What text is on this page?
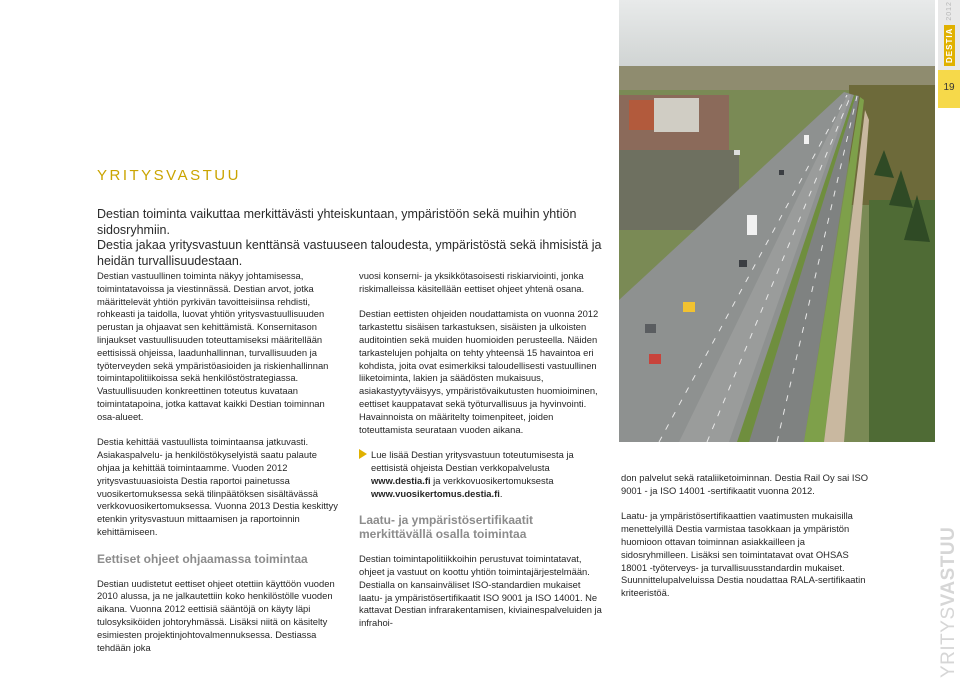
DESTIA
2012
19
YRITYSVASTUU
YRITYSVASTUU

Destian toiminta vaikuttaa merkittävästi yhteiskuntaan, ympäristöön sekä muihin yhtiön sidosryhmiin.

Destia jakaa yritysvastuun kenttänsä vastuuseen taloudesta, ympäristöstä sekä ihmisistä ja heidän turvallisuudestaan.

Destian vastuullinen toiminta näkyy johtamisessa, toimintatavoissa ja viestinnässä. Destian arvot, jotka määrittelevät yhtiön pyrkivän tavoitteisiinsa rehdisti, rohkeasti ja taidolla, luovat yhtiön yritysvastuullisuuden perustan ja ohjaavat sen kehittämistä. Konsernitason linjaukset vastuullisuuden toteuttamiseksi määritellään eettisissä ohjeissa, laadunhallinnan, turvallisuuden ja työterveyden sekä ympäristöasioiden ja riskienhallinnan toimintapolitiikoissa sekä henkilöstöstrategiassa. Vastuullisuuden konkreettinen toteutus kuvataan toimintatapoina, jotka kattavat kaikki Destian toiminnan osa-alueet.

Destia kehittää vastuullista toimintaansa jatkuvasti. Asiakaspalvelu- ja henkilöstökyselyistä saatu palaute ohjaa ja kehittää toimintaamme. Vuoden 2012 yritysvastuuasioista Destia raportoi painetussa vuosikertomuksessa sekä tilinpäätöksen sisältävässä verkkovuosikertomuksessa. Vuonna 2013 Destia keskittyy etenkin yritysvastuun mittaamisen ja raportoinnin kehittämiseen.

Eettiset ohjeet ohjaamassa toimintaa

Destian uudistetut eettiset ohjeet otettiin käyttöön vuoden 2010 alussa, ja ne jalkautettiin koko henkilöstölle vuoden aikana. Vuonna 2012 eettisiä sääntöjä on käyty läpi tulosyksiköiden johtoryhmässä. Lisäksi niitä on käsitelty esimiesten projektinjohtovalmennuksessa. Destiassa tehdään joka

vuosi konserni- ja yksikkötasoisesti riskiarviointi, jonka riskimalleissa käsitellään eettiset ohjeet yhtenä osana.

Destian eettisten ohjeiden noudattamista on vuonna 2012 tarkastettu sisäisen tarkastuksen, sisäisten ja ulkoisten auditointien sekä muiden huomioiden perusteella. Näiden tarkastelujen pohjalta on tehty yhteensä 15 havaintoa eri kohdista, joita ovat esimerkiksi taloudellisesti vastuullinen liiketoiminta, lakien ja säädösten mukaisuus, asiakastyytyväisyys, ympäristövaikutusten huomioiminen, eettiset kauppatavat sekä työturvallisuus ja hyvinvointi. Havainnoista on määritelty toimenpiteet, joiden toteuttamista seurataan vuoden aikana.

Lue lisää Destian yritysvastuun toteutumisesta ja eettisistä ohjeista Destian verkkopalvelusta
www.destia.fi ja verkkovuosikertomuksesta
www.vuosikertomus.destia.fi.

Laatu- ja ympäristösertifikaatit merkittävällä osalla toimintaa

Destian toimintapolitiikkoihin perustuvat toimintatavat, ohjeet ja vastuut on koottu yhtiön toimintajärjestelmään. Destialla on kansainväliset ISO-standardien mukaiset laatu- ja ympäristösertifikaatit ISO 9001 ja ISO 14001. Ne kattavat Destian infrarakentamisen, kiviainespalveluiden ja infrahoi-

don palvelut sekä rataliiketoiminnan. Destia Rail Oy sai ISO 9001 - ja ISO 14001 -sertifikaatit vuonna 2012.

Laatu- ja ympäristösertifikaattien vaatimusten mukaisilla menettelyillä Destia varmistaa tasokkaan ja ympäristön huomioon ottavan toiminnan asiakkailleen ja sidosryhmilleen. Lisäksi sen toimintatavat ovat OHSAS 18001 -työterveys- ja turvallisuusstandardin mukaiset. Suunnittelupalveluissa Destia noudattaa RALA-sertifikaatin kriteeristöä.
